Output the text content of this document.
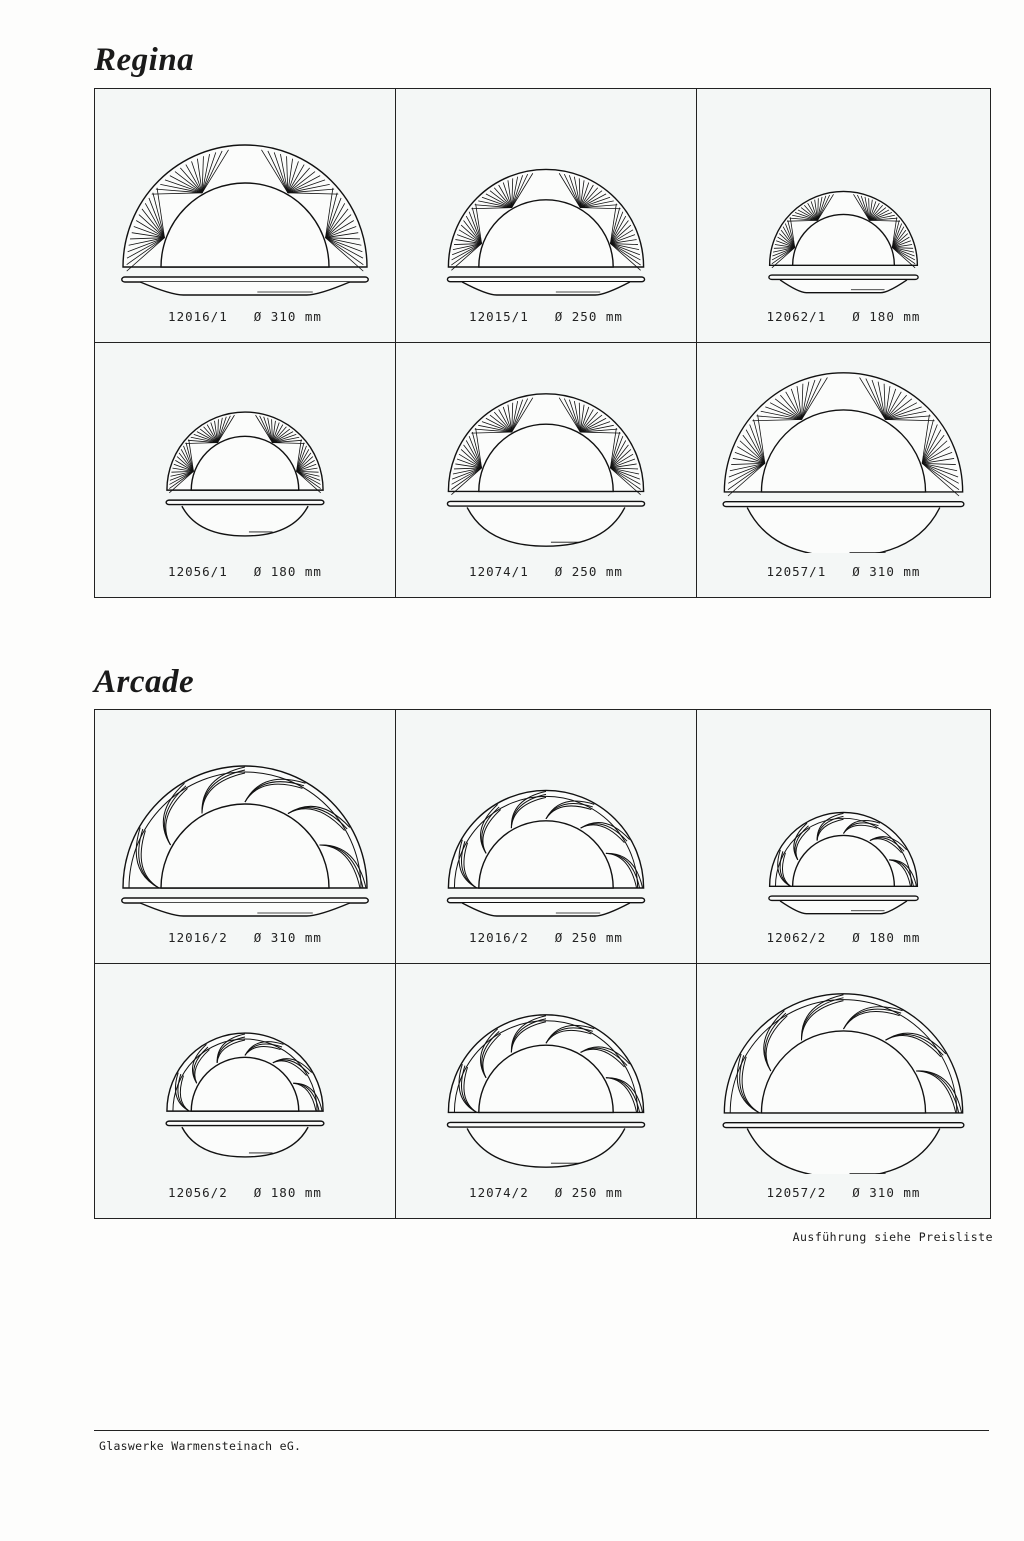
Regina
12016/1 Ø 310 mm	12015/1 Ø 250 mm	12062/1 Ø 180 mm
12056/1 Ø 180 mm	12074/1 Ø 250 mm	12057/1 Ø 310 mm
Arcade
12016/2 Ø 310 mm	12016/2 Ø 250 mm	12062/2 Ø 180 mm
12056/2 Ø 180 mm	12074/2 Ø 250 mm	12057/2 Ø 310 mm
Ausführung siehe Preisliste
Glaswerke Warmensteinach eG.
